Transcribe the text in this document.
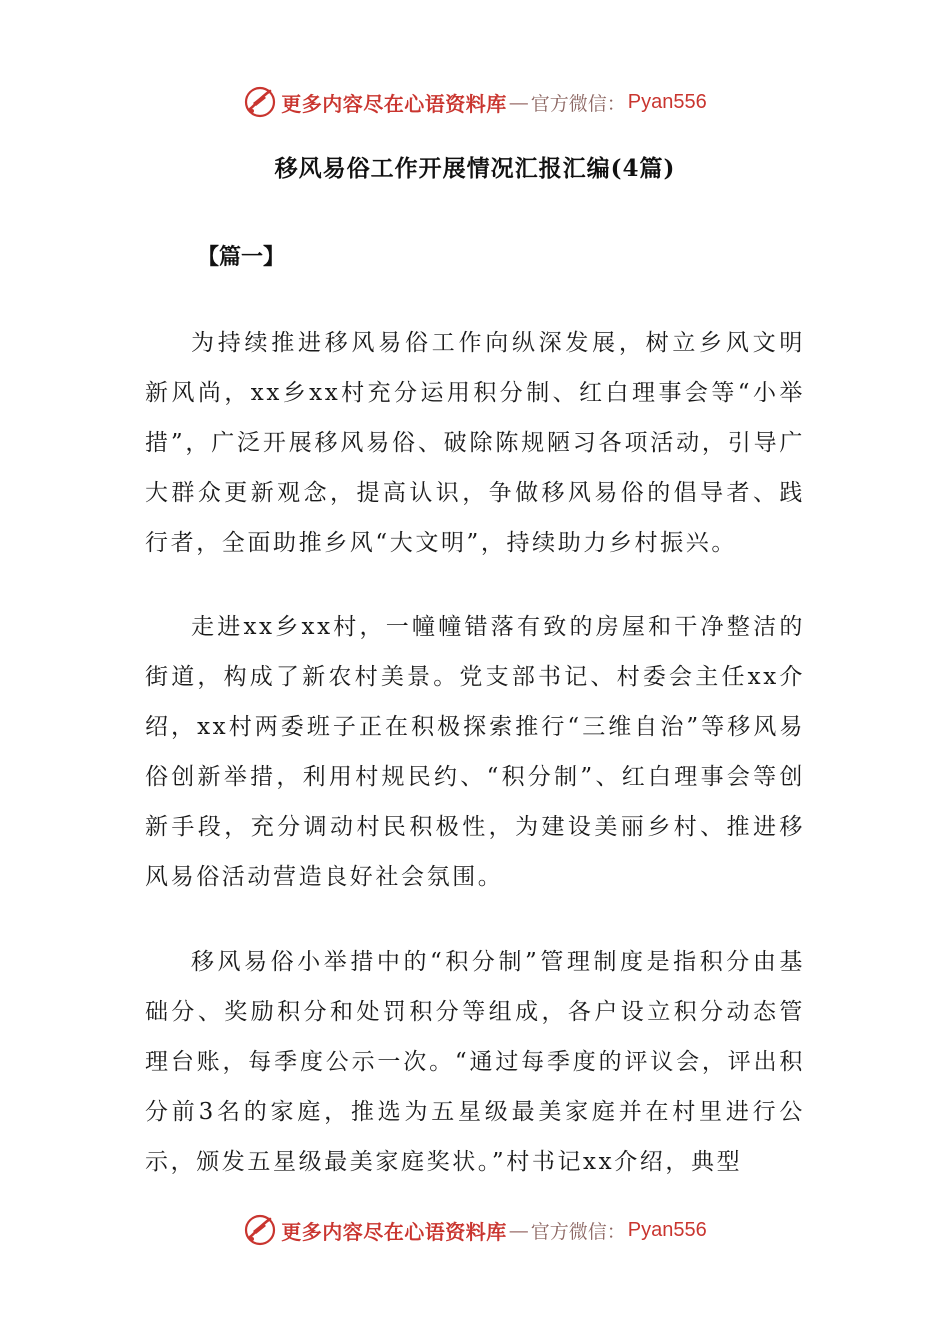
更多内容尽在心语资料库 — 官方微信： Pyan556
移风易俗工作开展情况汇报汇编(4篇)
【篇一】

为持续推进移风易俗工作向纵深发展，树立乡风文明新风尚，xx乡xx村充分运用积分制、红白理事会等“小举措”，广泛开展移风易俗、破除陈规陋习各项活动，引导广大群众更新观念，提高认识，争做移风易俗的倡导者、践行者，全面助推乡风“大文明”，持续助力乡村振兴。

走进xx乡xx村，一幢幢错落有致的房屋和干净整洁的街道，构成了新农村美景。党支部书记、村委会主任xx介绍，xx村两委班子正在积极探索推行“三维自治”等移风易俗创新举措，利用村规民约、“积分制”、红白理事会等创新手段，充分调动村民积极性，为建设美丽乡村、推进移风易俗活动营造良好社会氛围。

移风易俗小举措中的“积分制”管理制度是指积分由基础分、奖励积分和处罚积分等组成，各户设立积分动态管理台账，每季度公示一次。“通过每季度的评议会，评出积分前3名的家庭，推选为五星级最美家庭并在村里进行公示，颁发五星级最美家庭奖状。”村书记xx介绍，典型

更多内容尽在心语资料库 — 官方微信： Pyan556
